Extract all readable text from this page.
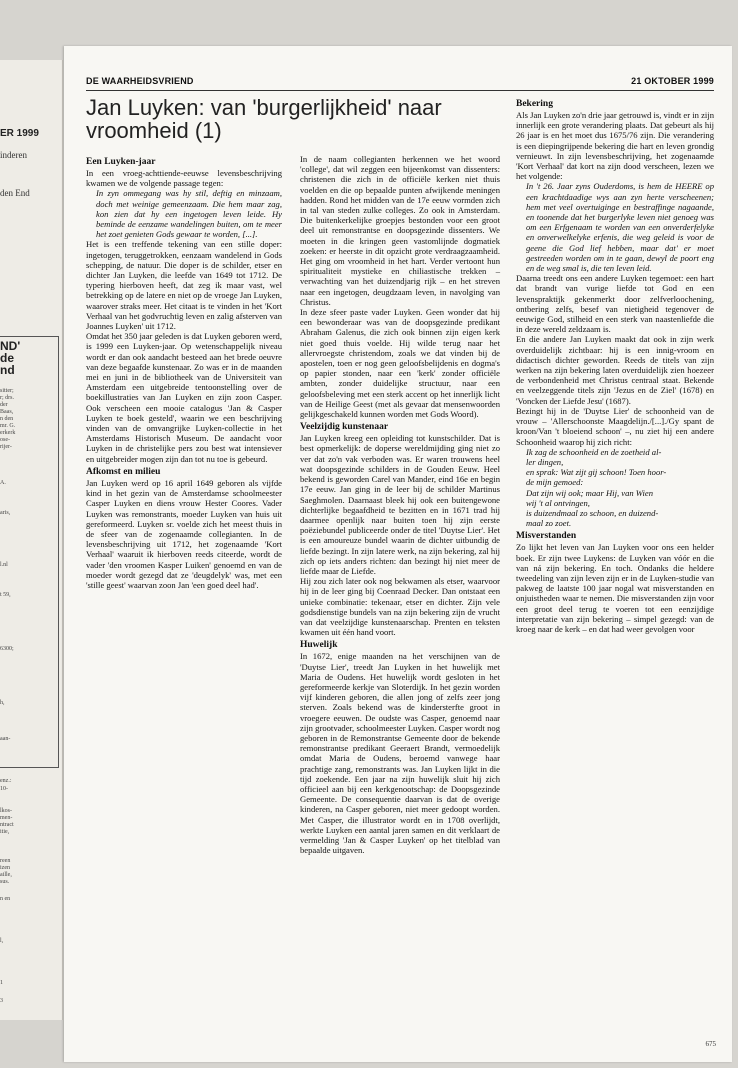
ER 1999
inderen
den End
ND'
de
nd
sitter;
r; drs.
der
Baas,
n den
mr. G.
erkerk
ose-
rijer-
A.
aris,
l.nl
t 59,
6300;
h,
aan-
enz.:
10-
lkos-
men-
ntract
itie,
reen
izen
aille,
sus.
n en
l,
1
3
DE WAARHEIDSVRIEND	21 OKTOBER 1999
Jan Luyken: van 'burgerlijkheid' naar vroomheid (1)
Een Luyken-jaar

In een vroeg-achttiende-eeuwse levensbeschrijving kwamen we de volgende passage tegen:

In zyn ommegang was hy stil, deftig en minzaam, doch met weinige gemeenzaam. Die hem maar zag, kon zien dat hy een ingetogen leven leide. Hy beminde de eenzame wandelingen buiten, om te meer het zoet genieten Gods gewaar te worden, [...].

Het is een treffende tekening van een stille doper: ingetogen, teruggetrokken, eenzaam wandelend in Gods schepping, de natuur. Die doper is de schilder, etser en dichter Jan Luyken, die leefde van 1649 tot 1712. De typering hierboven heeft, dat zeg ik maar vast, wel betrekking op de latere en niet op de vroege Jan Luyken, waarover straks meer. Het citaat is te vinden in het 'Kort Verhaal van het godvruchtig leven en zalig afsterven van Joannes Luyken' uit 1712.

Omdat het 350 jaar geleden is dat Luyken geboren werd, is 1999 een Luyken-jaar. Op wetenschappelijk niveau wordt er dan ook aandacht besteed aan het brede oeuvre van deze begaafde kunstenaar. Zo was er in de maanden mei en juni in de bibliotheek van de Universiteit van Amsterdam een uitgebreide tentoonstelling over de boekillustraties van Jan Luyken en zijn zoon Casper. Ook verscheen een mooie catalogus 'Jan & Casper Luyken te boek gesteld', waarin we een beschrijving vinden van de omvangrijke Luyken-collectie in het Amsterdams Historisch Museum. De aandacht voor Luyken in de christelijke pers zou best wat intensiever en uitgebreider mogen zijn dan tot nu toe is gebeurd.

Afkomst en milieu

Jan Luyken werd op 16 april 1649 geboren als vijfde kind in het gezin van de Amsterdamse schoolmeester Casper Luyken en diens vrouw Hester Coores. Vader Luyken was remonstrants, moeder Luyken van huis uit gereformeerd. Luyken sr. voelde zich het meest thuis in de sfeer van de zogenaamde collegianten. In de levensbeschrijving uit 1712, het zogenaamde 'Kort Verhaal' waaruit ik hierboven reeds citeerde, wordt de vader 'den vroomen Kasper Luiken' genoemd en van de moeder wordt gezegd dat ze 'deugdelyk' was, met een 'stille geest' waarvan zoon Jan 'een goed deel had'.

In de naam collegianten herkennen we het woord 'college', dat wil zeggen een bijeenkomst van dissenters: christenen die zich in de officiële kerken niet thuis voelden en die op bepaalde punten afwijkende meningen hadden. Rond het midden van de 17e eeuw vormden zich in tal van steden zulke colleges. Zo ook in Amsterdam. Die buitenkerkelijke groepjes bestonden voor een groot deel uit remonstrantse en doopsgezinde dissenters. We moeten in die kringen geen vastomlijnde dogmatiek zoeken: er heerste in dit opzicht grote verdraagzaamheid. Het ging om vroomheid in het hart. Verder vertoont hun spiritualiteit mystieke en chiliastische trekken – verwachting van het duizendjarig rijk – en het streven naar een ingetogen, deugdzaam leven, in navolging van Christus.

In deze sfeer paste vader Luyken. Geen wonder dat hij een bewonderaar was van de doopsgezinde predikant Abraham Galenus, die zich ook binnen zijn eigen kerk niet goed thuis voelde. Hij wilde terug naar het allervroegste christendom, zoals we dat vinden bij de apostelen, toen er nog geen geloofsbelijdenis en dogma's op papier stonden, naar een 'kerk' zonder officiële ambten, zonder duidelijke structuur, naar een geloofsbeleving met een sterk accent op het innerlijk licht van de Heilige Geest (met als gevaar dat mensenwoorden gelijkgeschakeld kunnen worden met Gods Woord).

Veelzijdig kunstenaar

Jan Luyken kreeg een opleiding tot kunstschilder. Dat is best opmerkelijk: de doperse wereldmijding ging niet zo ver dat zo'n vak verboden was. Er waren trouwens heel wat doopsgezinde schilders in de Gouden Eeuw. Heel bekend is geworden Carel van Mander, eind 16e en begin 17e eeuw. Jan ging in de leer bij de schilder Martinus Saeghmolen. Daarnaast bleek hij ook een buitengewone dichterlijke begaafdheid te bezitten en in 1671 trad hij daarmee openlijk naar buiten toen hij zijn eerste poëziebundel publiceerde onder de titel 'Duytse Lier'. Het is een amoureuze bundel waarin de dichter uitbundig de liefde bezingt. In zijn latere werk, na zijn bekering, zal hij zich op iets anders richten: dan bezingt hij niet meer de liefde maar de Liefde.

Hij zou zich later ook nog bekwamen als etser, waarvoor hij in de leer ging bij Coenraad Decker. Dan ontstaat een unieke combinatie: tekenaar, etser en dichter. Zijn vele godsdienstige bundels van na zijn bekering zijn de vrucht van dat veelzijdige kunstenaarschap. Prenten en teksten kwamen uit één hand voort.

Huwelijk

In 1672, enige maanden na het verschijnen van de 'Duytse Lier', treedt Jan Luyken in het huwelijk met Maria de Oudens. Het huwelijk wordt gesloten in het gereformeerde kerkje van Sloterdijk. In het gezin worden vijf kinderen geboren, die allen jong of zelfs zeer jong sterven. Zoals bekend was de kindersterfte groot in vroegere eeuwen. De oudste was Casper, genoemd naar zijn grootvader, schoolmeester Luyken. Casper wordt nog geboren in de Remonstrantse Gemeente door de bekende remonstrantse predikant Geeraert Brandt, vermoedelijk omdat Maria de Oudens, beroemd vanwege haar prachtige zang, remonstrants was. Jan Luyken lijkt in die tijd zoekende. Een jaar na zijn huwelijk sluit hij zich officieel aan bij een kerkgenootschap: de Doopsgezinde Gemeente. De consequentie daarvan is dat de overige kinderen, na Casper geboren, niet meer gedoopt worden. Met Casper, die illustrator wordt en in 1708 overlijdt, werkte Luyken een aantal jaren samen en dit verklaart de vermelding 'Jan & Casper Luyken' op het titelblad van bepaalde uitgaven.

Bekering

Als Jan Luyken zo'n drie jaar getrouwd is, vindt er in zijn innerlijk een grote verandering plaats. Dat gebeurt als hij 26 jaar is en het moet dus 1675/76 zijn. Die verandering is een diepingrijpende bekering die hart en leven grondig vernieuwt. In zijn levensbeschrijving, het zogenaamde 'Kort Verhaal' dat kort na zijn dood verscheen, lezen we het volgende:

In 't 26. Jaar zyns Ouderdoms, is hem de HEERE op een krachtdaadige wys aan zyn herte verscheenen; hem met veel overtuiginge en bestraffinge nagaande, en toonende dat het burgerlyke leven niet genoeg was om een Erfgenaam te worden van een onverderfelyke en onverwelkelyke erfenis, die weg geleid is voor de geene die God lief hebben, maar dat' er moet gestreeden worden om in te gaan, dewyl de poort eng en de weg smal is, die ten leven leid.

Daarna treedt ons een andere Luyken tegemoet: een hart dat brandt van vurige liefde tot God en een levenspraktijk gekenmerkt door zelfverloochening, ontbering zelfs, besef van nietigheid tegenover de eeuwige God, stilheid en een sterk van naastenliefde die in deze wereld zeldzaam is.

En die andere Jan Luyken maakt dat ook in zijn werk overduidelijk zichtbaar: hij is een innig-vroom en didactisch dichter geworden. Reeds de titels van zijn werken na zijn bekering laten overduidelijk zien hoezeer de verbondenheid met Christus centraal staat. Bekende en veelzeggende titels zijn 'Jezus en de Ziel' (1678) en 'Voncken der Liefde Jesu' (1687).

Bezingt hij in de 'Duytse Lier' de schoonheid van de vrouw – 'Allerschoonste Maagdelijn./[...]./Gy spant de kroon/Van 't bloeiend schoon' –, nu ziet hij een andere Schoonheid waarop hij zich richt:

Ik zag de schoonheid en de zoetheid al-
ler dingen,
en sprak: Wat zijt gij schoon! Toen hoor-
de mijn gemoed:
Dat zijn wij ook; maar Hij, van Wien
wij 't al ontvingen,
is duizendmaal zo schoon, en duizend-
maal zo zoet.
Misverstanden

Zo lijkt het leven van Jan Luyken voor ons een helder boek. Er zijn twee Luykens: de Luyken van vóór en die van ná zijn bekering. En toch. Ondanks die heldere tweedeling van zijn leven zijn er in de Luyken-studie van pakweg de laatste 100 jaar nogal wat misverstanden en onjuistheden waar te nemen. Die misverstanden zijn voor een groot deel terug te voeren tot een eenzijdige interpretatie van zijn bekering – simpel gezegd: van de kroeg naar de kerk – en dat had weer gevolgen voor

675
